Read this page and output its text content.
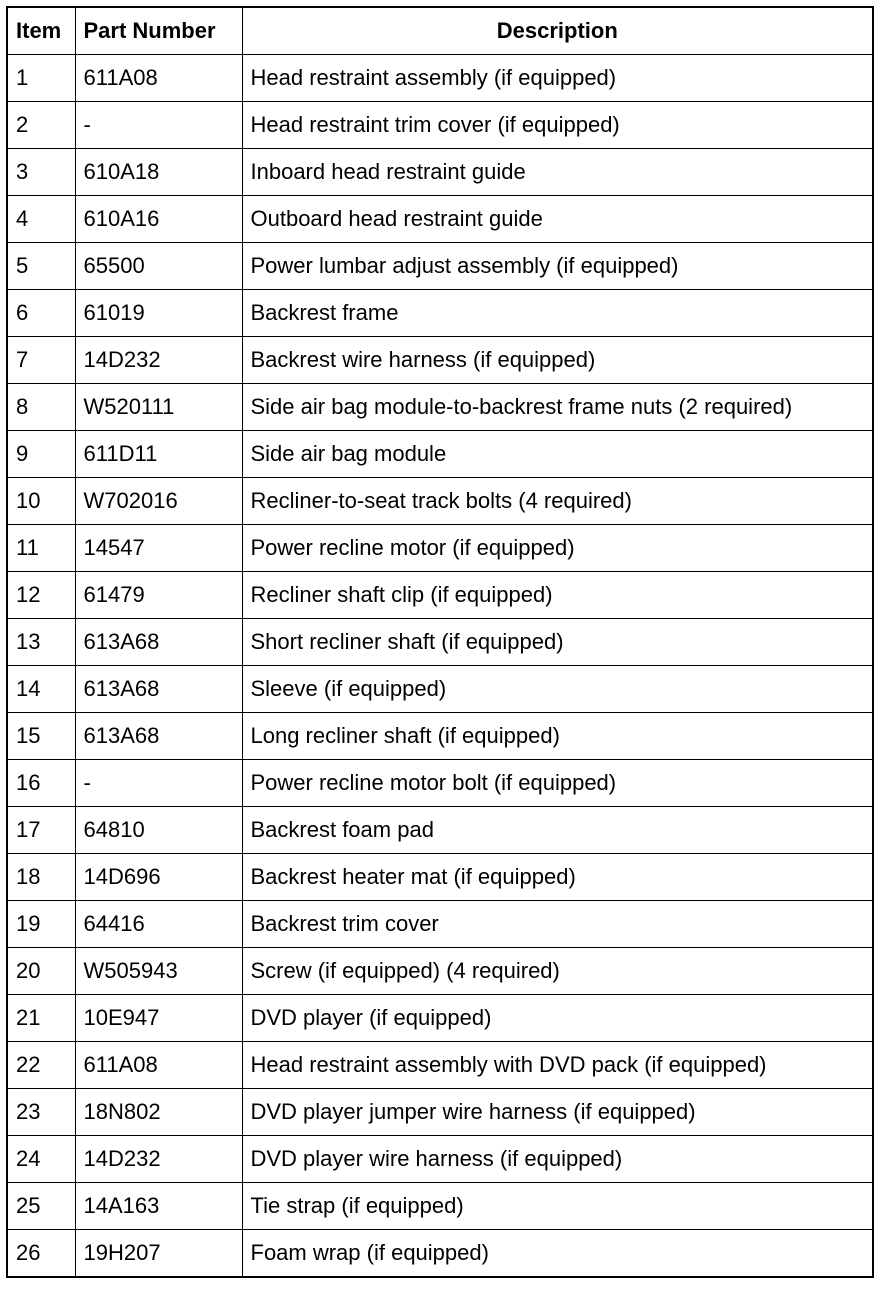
Item	Part Number	Description
1	611A08	Head restraint assembly (if equipped)
2	-	Head restraint trim cover (if equipped)
3	610A18	Inboard head restraint guide
4	610A16	Outboard head restraint guide
5	65500	Power lumbar adjust assembly (if equipped)
6	61019	Backrest frame
7	14D232	Backrest wire harness (if equipped)
8	W520111	Side air bag module-to-backrest frame nuts (2 required)
9	611D11	Side air bag module
10	W702016	Recliner-to-seat track bolts (4 required)
11	14547	Power recline motor (if equipped)
12	61479	Recliner shaft clip (if equipped)
13	613A68	Short recliner shaft (if equipped)
14	613A68	Sleeve (if equipped)
15	613A68	Long recliner shaft (if equipped)
16	-	Power recline motor bolt (if equipped)
17	64810	Backrest foam pad
18	14D696	Backrest heater mat (if equipped)
19	64416	Backrest trim cover
20	W505943	Screw (if equipped) (4 required)
21	10E947	DVD player (if equipped)
22	611A08	Head restraint assembly with DVD pack (if equipped)
23	18N802	DVD player jumper wire harness (if equipped)
24	14D232	DVD player wire harness (if equipped)
25	14A163	Tie strap (if equipped)
26	19H207	Foam wrap (if equipped)
